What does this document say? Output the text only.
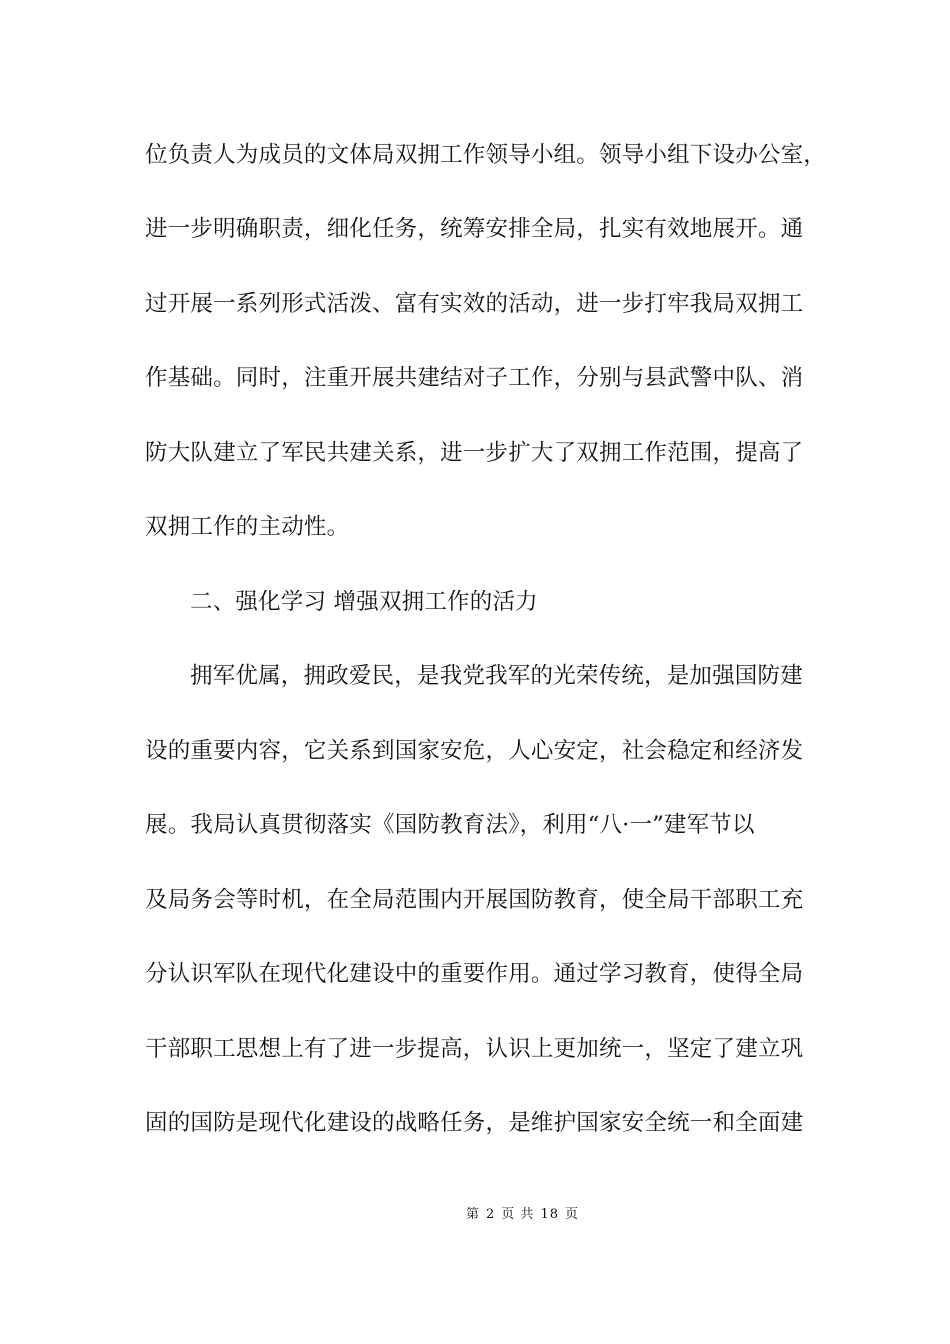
位负责人为成员的文体局双拥工作领导小组。领导小组下设办公室，
进一步明确职责，细化任务，统筹安排全局，扎实有效地展开。通
过开展一系列形式活泼、富有实效的活动，进一步打牢我局双拥工
作基础。同时，注重开展共建结对子工作，分别与县武警中队、消
防大队建立了军民共建关系，进一步扩大了双拥工作范围，提高了
双拥工作的主动性。
二、强化学习 增强双拥工作的活力
拥军优属，拥政爱民，是我党我军的光荣传统，是加强国防建
设的重要内容，它关系到国家安危，人心安定，社会稳定和经济发
展。我局认真贯彻落实《国防教育法》，利用“八·一”建军节以
及局务会等时机，在全局范围内开展国防教育，使全局干部职工充
分认识军队在现代化建设中的重要作用。通过学习教育，使得全局
干部职工思想上有了进一步提高，认识上更加统一，坚定了建立巩
固的国防是现代化建设的战略任务，是维护国家安全统一和全面建
第 2 页 共 18 页
